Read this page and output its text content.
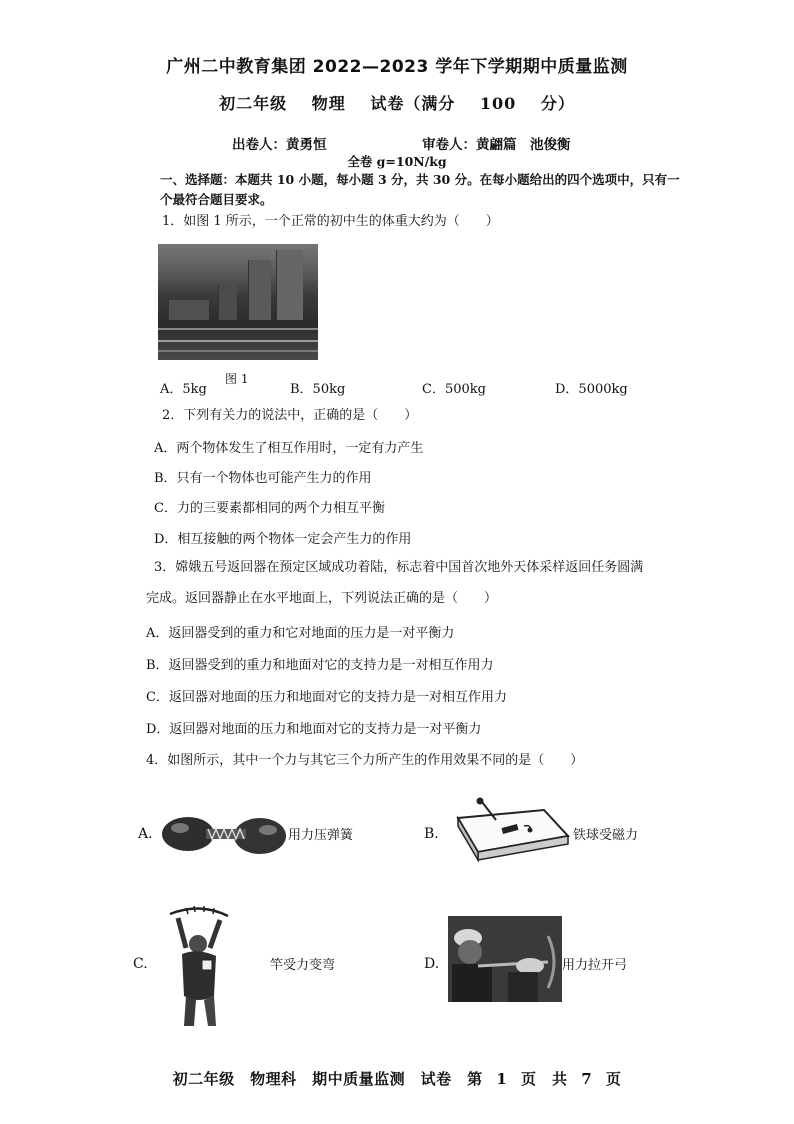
广州二中教育集团 2022—2023 学年下学期期中质量监测
初二年级 物理 试卷（满分 100 分）
出卷人：黄勇恒	审卷人：黄翩篇　池俊衡
全卷 g=10N/kg
一、选择题：本题共 10 小题，每小题 3 分，共 30 分。在每小题给出的四个选项中，只有一个最符合题目要求。
1．如图 1 所示，一个正常的初中生的体重大约为（　　）
图 1
A．5kg	B．50kg	C．500kg	D．5000kg
2．下列有关力的说法中，正确的是（　　）
A．两个物体发生了相互作用时，一定有力产生
B．只有一个物体也可能产生力的作用
C．力的三要素都相同的两个力相互平衡
D．相互接触的两个物体一定会产生力的作用
3．嫦娥五号返回器在预定区域成功着陆，标志着中国首次地外天体采样返回任务圆满
完成。返回器静止在水平地面上，下列说法正确的是（　　）
A．返回器受到的重力和它对地面的压力是一对平衡力
B．返回器受到的重力和地面对它的支持力是一对相互作用力
C．返回器对地面的压力和地面对它的支持力是一对相互作用力
D．返回器对地面的压力和地面对它的支持力是一对平衡力
4．如图所示，其中一个力与其它三个力所产生的作用效果不同的是（　　）
A.	用力压弹簧	B.	铁球受磁力
C.	竿受力变弯	D.	用力拉开弓
初二年级　物理科　期中质量监测　试卷　第 1 页　共 7 页
